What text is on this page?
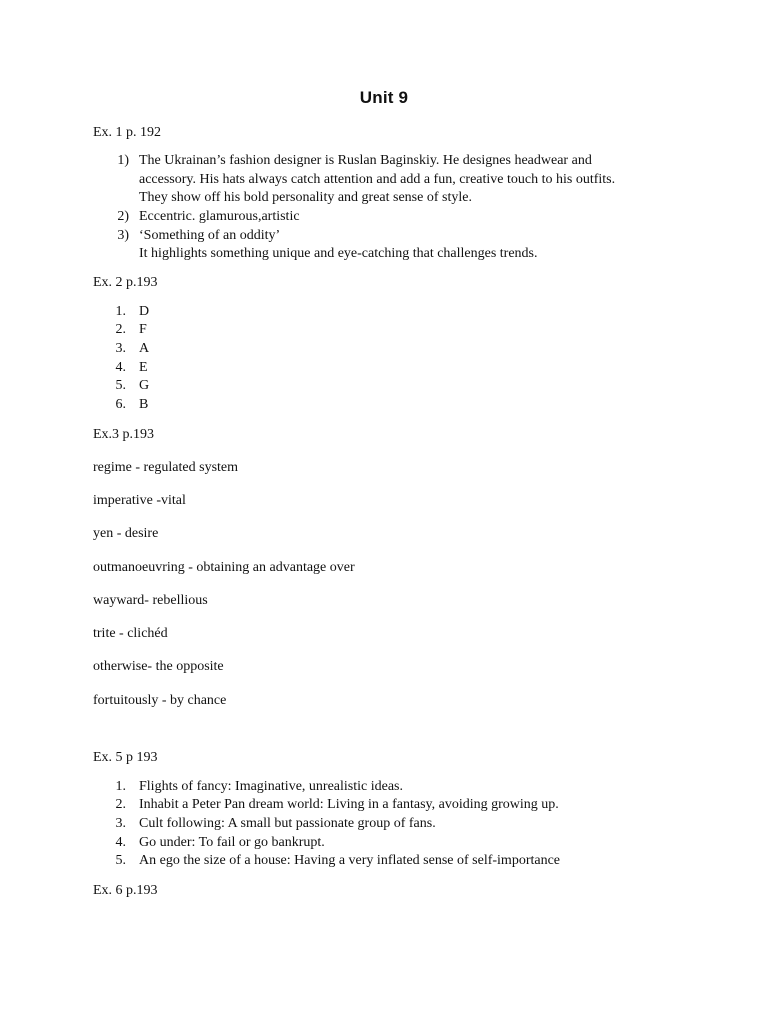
Unit 9
Ex. 1 p. 192
1) The Ukrainan’s fashion designer is Ruslan Baginskiy. He designes headwear and
accessory. His hats always catch attention and add a fun, creative touch to his outfits.
They show off his bold personality and great sense of style.
2) Eccentric. glamurous,artistic
3) ‘Something of an oddity’
It highlights something unique and eye-catching that challenges trends.
Ex. 2 p.193
1. D
2. F
3. A
4. E
5. G
6. B
Ex.3 p.193
regime - regulated system
imperative -vital
yen - desire
outmanoeuvring - obtaining an advantage over
wayward- rebellious
trite - clichéd
otherwise- the opposite
fortuitously - by chance
Ex. 5 p 193
1. Flights of fancy: Imaginative, unrealistic ideas.
2. Inhabit a Peter Pan dream world: Living in a fantasy, avoiding growing up.
3. Cult following: A small but passionate group of fans.
4. Go under: To fail or go bankrupt.
5. An ego the size of a house: Having a very inflated sense of self-importance
Ex. 6 p.193
